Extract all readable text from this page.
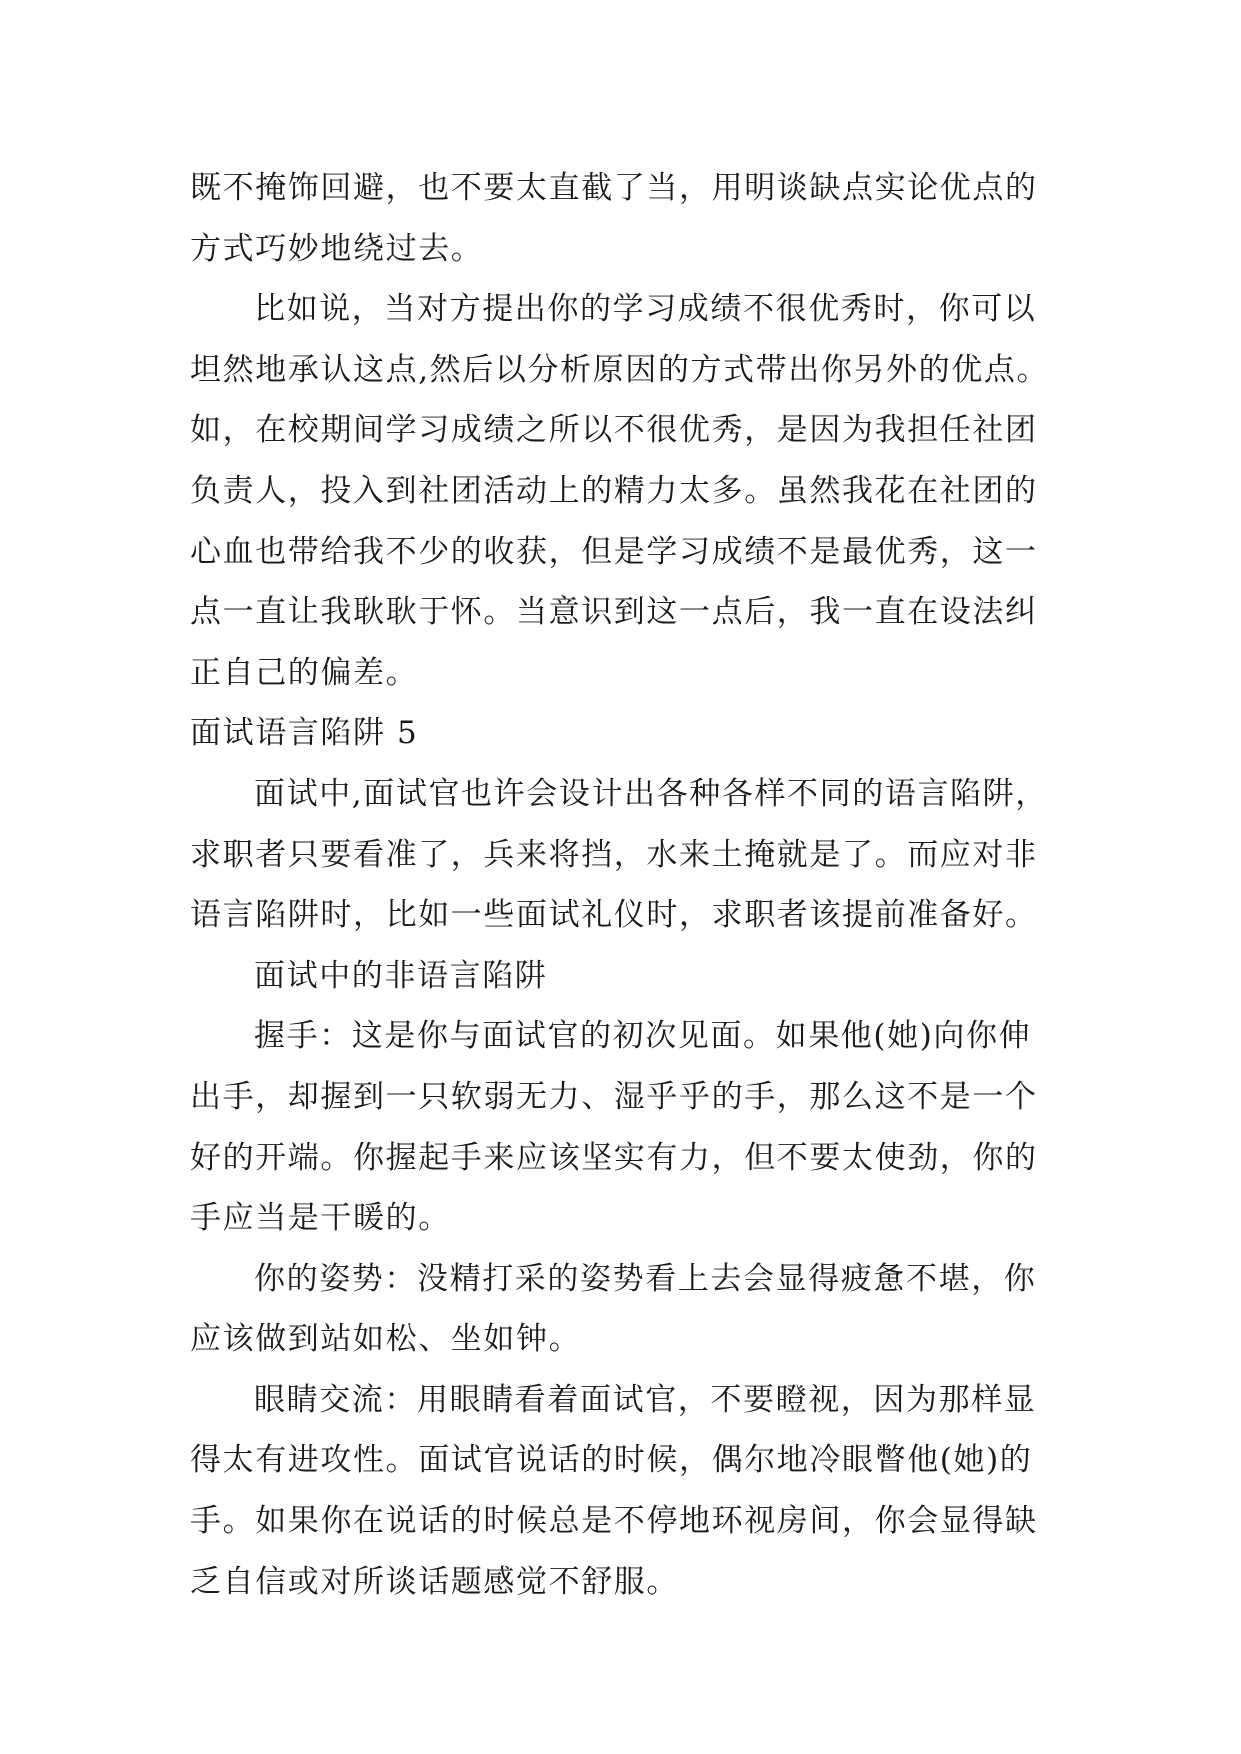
既不掩饰回避，也不要太直截了当，用明谈缺点实论优点的
方式巧妙地绕过去。
比如说，当对方提出你的学习成绩不很优秀时，你可以
坦然地承认这点,然后以分析原因的方式带出你另外的优点。
如，在校期间学习成绩之所以不很优秀，是因为我担任社团
负责人，投入到社团活动上的精力太多。虽然我花在社团的
心血也带给我不少的收获，但是学习成绩不是最优秀，这一
点一直让我耿耿于怀。当意识到这一点后，我一直在设法纠
正自己的偏差。
面试语言陷阱 5
面试中,面试官也许会设计出各种各样不同的语言陷阱，
求职者只要看准了，兵来将挡，水来土掩就是了。而应对非
语言陷阱时，比如一些面试礼仪时，求职者该提前准备好。
面试中的非语言陷阱
握手：这是你与面试官的初次见面。如果他(她)向你伸
出手，却握到一只软弱无力、湿乎乎的手，那么这不是一个
好的开端。你握起手来应该坚实有力，但不要太使劲，你的
手应当是干暖的。
你的姿势：没精打采的姿势看上去会显得疲惫不堪，你
应该做到站如松、坐如钟。
眼睛交流：用眼睛看着面试官，不要瞪视，因为那样显
得太有进攻性。面试官说话的时候，偶尔地冷眼瞥他(她)的
手。如果你在说话的时候总是不停地环视房间，你会显得缺
乏自信或对所谈话题感觉不舒服。
